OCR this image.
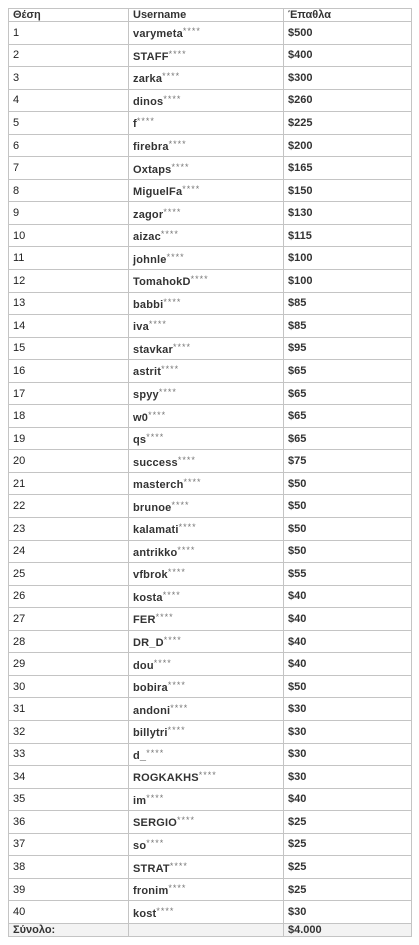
Θέση	Username	Έπαθλα
1	varymeta****	$500
2	STAFF****	$400
3	zarka****	$300
4	dinos****	$260
5	f****	$225
6	firebra****	$200
7	Oxtaps****	$165
8	MiguelFa****	$150
9	zagor****	$130
10	aizac****	$115
11	johnle****	$100
12	TomahokD****	$100
13	babbi****	$85
14	iva****	$85
15	stavkar****	$95
16	astrit****	$65
17	spyy****	$65
18	w0****	$65
19	qs****	$65
20	success****	$75
21	masterch****	$50
22	brunoe****	$50
23	kalamati****	$50
24	antrikko****	$50
25	vfbrok****	$55
26	kosta****	$40
27	FER****	$40
28	DR_D****	$40
29	dou****	$40
30	bobira****	$50
31	andoni****	$30
32	billytri****	$30
33	d_****	$30
34	ROGKAKHS****	$30
35	im****	$40
36	SERGIO****	$25
37	so****	$25
38	STRAT****	$25
39	fronim****	$25
40	kost****	$30
Σύνολο:		$4.000
